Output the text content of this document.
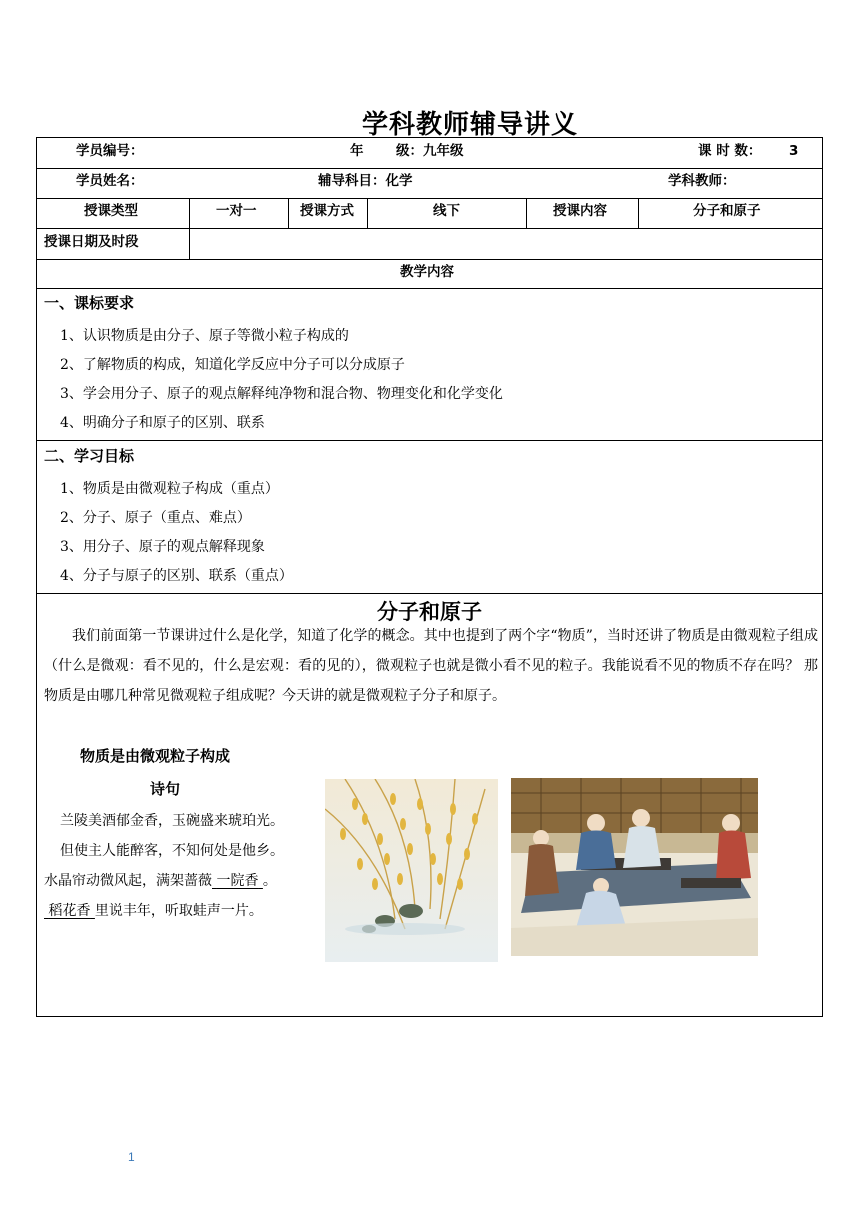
学科教师辅导讲义
学员编号：	年 级：九年级	课 时 数： 3
学员姓名：	辅导科目：化学	学科教师：
授课类型	一对一	授课方式	线下	授课内容	分子和原子
授课日期及时段
教学内容
一、课标要求
1、认识物质是由分子、原子等微小粒子构成的
2、了解物质的构成，知道化学反应中分子可以分成原子
3、学会用分子、原子的观点解释纯净物和混合物、物理变化和化学变化
4、明确分子和原子的区别、联系
二、学习目标
1、物质是由微观粒子构成（重点）
2、分子、原子（重点、难点）
3、用分子、原子的观点解释现象
4、分子与原子的区别、联系（重点）
分子和原子
我们前面第一节课讲过什么是化学，知道了化学的概念。其中也提到了两个字“物质”，当时还讲了物质是由微观粒子组成（什么是微观：看不见的，什么是宏观：看的见的），微观粒子也就是微小看不见的粒子。我能说看不见的物质不存在吗？ 那物质是由哪几种常见微观粒子组成呢？今天讲的就是微观粒子分子和原子。
物质是由微观粒子构成
诗句
兰陵美酒郁金香，玉碗盛来琥珀光。
但使主人能醉客，不知何处是他乡。
水晶帘动微风起，满架蔷薇 一院香 。
稻花香 里说丰年，听取蛙声一片。
1
